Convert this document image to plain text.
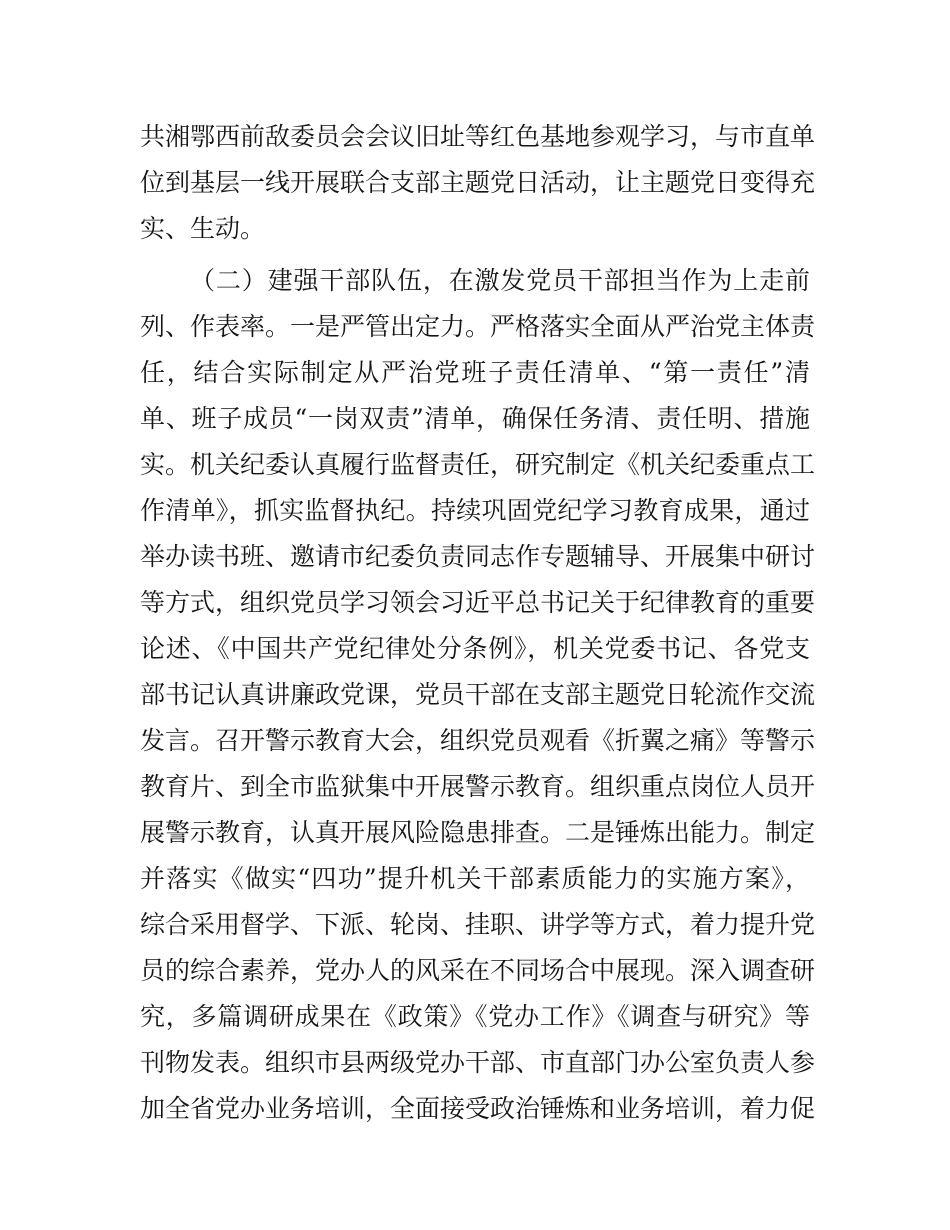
共湘鄂西前敌委员会会议旧址等红色基地参观学习，与市直单
位到基层一线开展联合支部主题党日活动，让主题党日变得充
实、生动。
（二）建强干部队伍，在激发党员干部担当作为上走前
列、作表率。一是严管出定力。严格落实全面从严治党主体责
任，结合实际制定从严治党班子责任清单、“第一责任”清
单、班子成员“一岗双责”清单，确保任务清、责任明、措施
实。机关纪委认真履行监督责任，研究制定《机关纪委重点工
作清单》，抓实监督执纪。持续巩固党纪学习教育成果，通过
举办读书班、邀请市纪委负责同志作专题辅导、开展集中研讨
等方式，组织党员学习领会习近平总书记关于纪律教育的重要
论述、《中国共产党纪律处分条例》，机关党委书记、各党支
部书记认真讲廉政党课，党员干部在支部主题党日轮流作交流
发言。召开警示教育大会，组织党员观看《折翼之痛》等警示
教育片、到全市监狱集中开展警示教育。组织重点岗位人员开
展警示教育，认真开展风险隐患排查。二是锤炼出能力。制定
并落实《做实“四功”提升机关干部素质能力的实施方案》，
综合采用督学、下派、轮岗、挂职、讲学等方式，着力提升党
员的综合素养，党办人的风采在不同场合中展现。深入调查研
究，多篇调研成果在《政策》《党办工作》《调查与研究》等
刊物发表。组织市县两级党办干部、市直部门办公室负责人参
加全省党办业务培训，全面接受政治锤炼和业务培训，着力促
